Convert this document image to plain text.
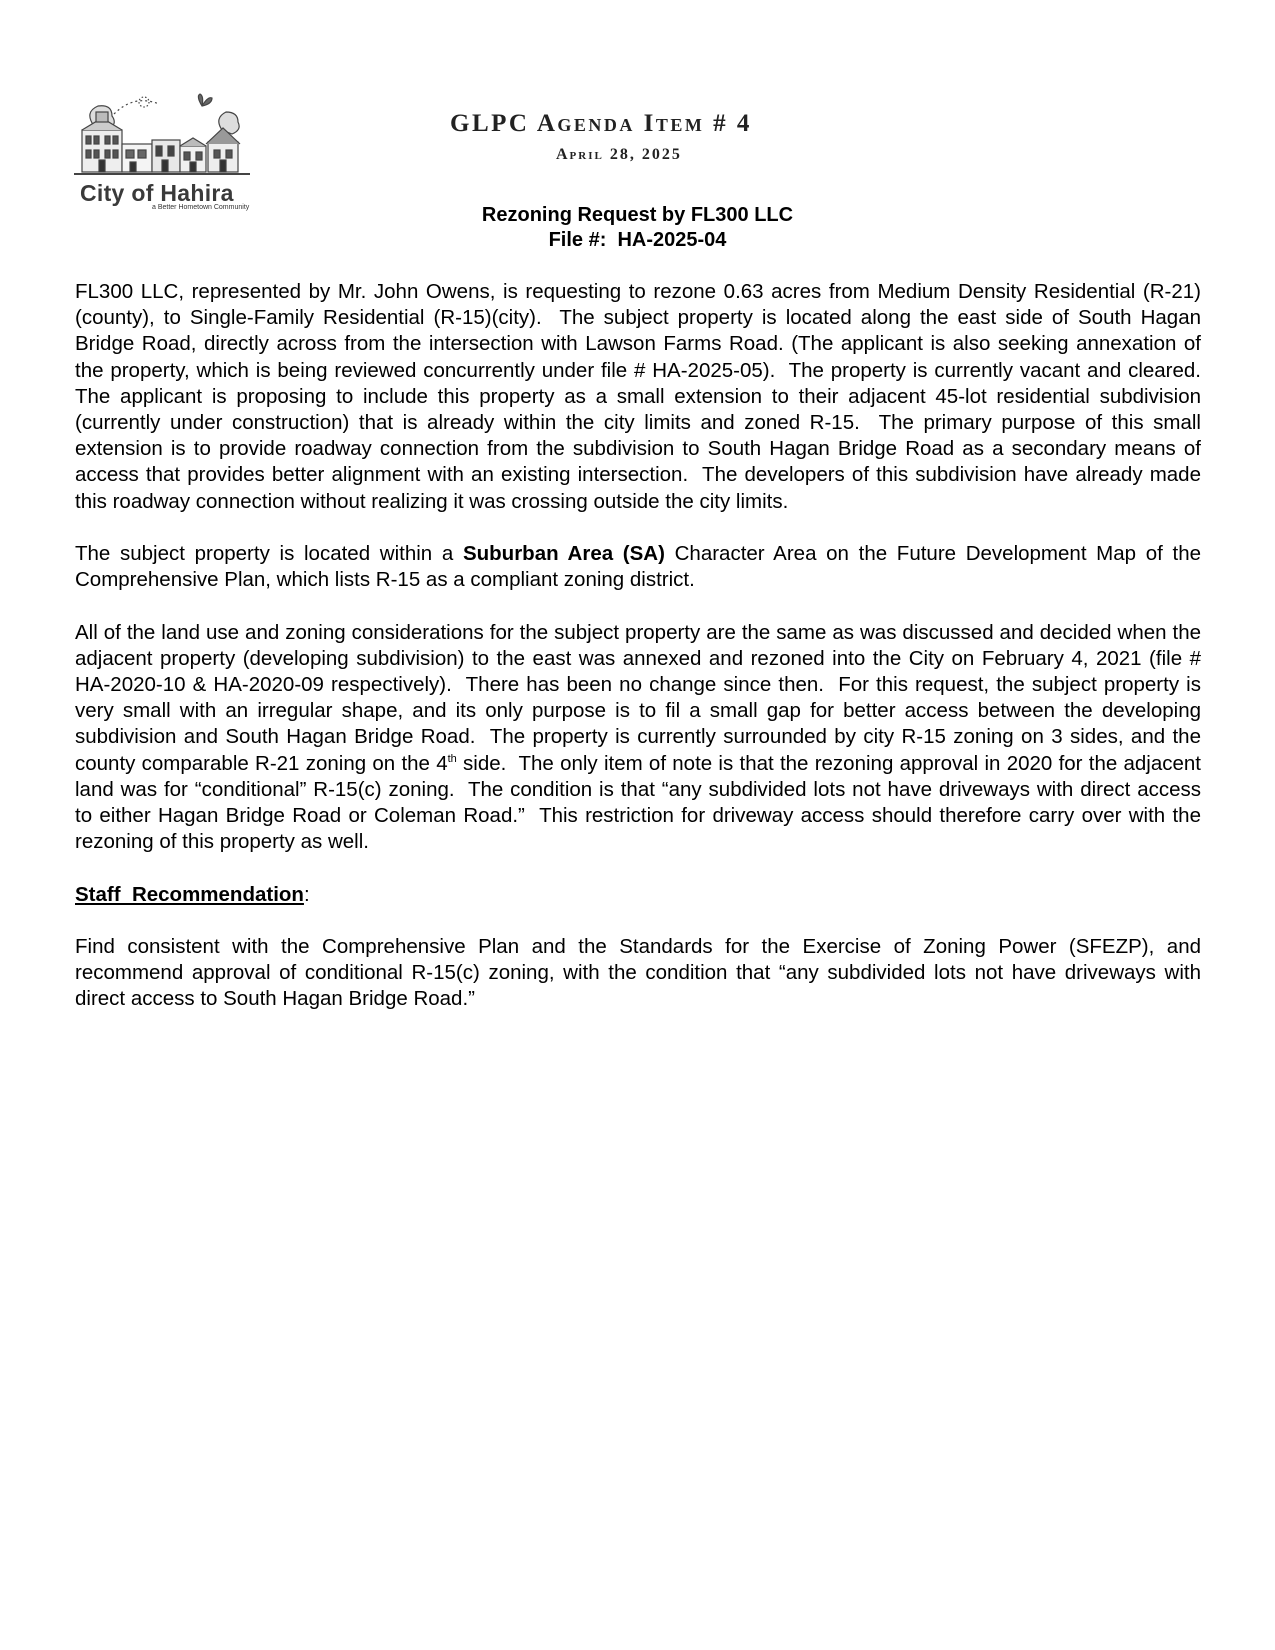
City of Hahira
a Better Hometown Community
GLPC Agenda Item # 4
April 28, 2025
Rezoning Request by FL300 LLC
File #:  HA-2025-04

FL300 LLC, represented by Mr. John Owens, is requesting to rezone 0.63 acres from Medium Density Residential (R-21)(county), to Single-Family Residential (R-15)(city).  The subject property is located along the east side of South Hagan Bridge Road, directly across from the intersection with Lawson Farms Road. (The applicant is also seeking annexation of the property, which is being reviewed concurrently under file # HA-2025-05).  The property is currently vacant and cleared.  The applicant is proposing to include this property as a small extension to their adjacent 45-lot residential subdivision (currently under construction) that is already within the city limits and zoned R-15.  The primary purpose of this small extension is to provide roadway connection from the subdivision to South Hagan Bridge Road as a secondary means of access that provides better alignment with an existing intersection.  The developers of this subdivision have already made this roadway connection without realizing it was crossing outside the city limits.

The subject property is located within a Suburban Area (SA) Character Area on the Future Development Map of the Comprehensive Plan, which lists R-15 as a compliant zoning district.

All of the land use and zoning considerations for the subject property are the same as was discussed and decided when the adjacent property (developing subdivision) to the east was annexed and rezoned into the City on February 4, 2021 (file # HA-2020-10 & HA-2020-09 respectively).  There has been no change since then.  For this request, the subject property is very small with an irregular shape, and its only purpose is to fil a small gap for better access between the developing subdivision and South Hagan Bridge Road.  The property is currently surrounded by city R-15 zoning on 3 sides, and the county comparable R-21 zoning on the 4th side.  The only item of note is that the rezoning approval in 2020 for the adjacent land was for “conditional” R-15(c) zoning.  The condition is that “any subdivided lots not have driveways with direct access to either Hagan Bridge Road or Coleman Road.”  This restriction for driveway access should therefore carry over with the rezoning of this property as well.

Staff  Recommendation:

Find consistent with the Comprehensive Plan and the Standards for the Exercise of Zoning Power (SFEZP), and recommend approval of conditional R-15(c) zoning, with the condition that “any subdivided lots not have driveways with direct access to South Hagan Bridge Road.”
